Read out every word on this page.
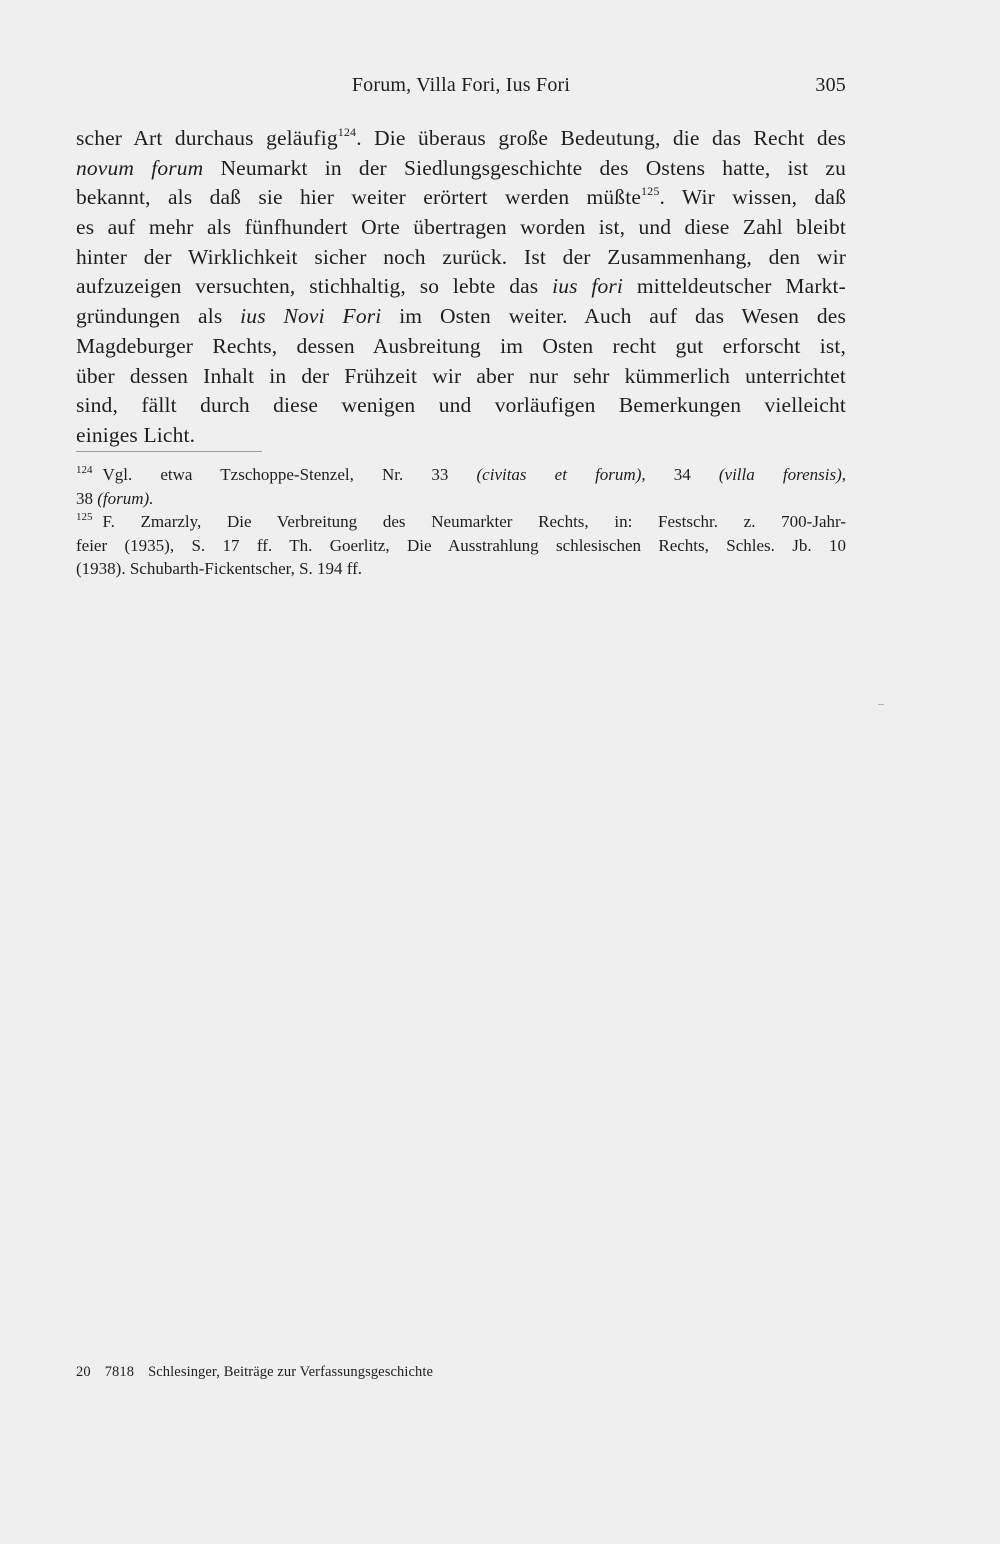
Forum, Villa Fori, Ius Fori	305
scher Art durchaus geläufig$^{124}$. Die überaus große Bedeutung, die das Recht des
novum forum Neumarkt in der Siedlungsgeschichte des Ostens hatte, ist zu
bekannt, als daß sie hier weiter erörtert werden müßte$^{125}$. Wir wissen, daß
es auf mehr als fünfhundert Orte übertragen worden ist, und diese Zahl bleibt
hinter der Wirklichkeit sicher noch zurück. Ist der Zusammenhang, den wir
aufzuzeigen versuchten, stichhaltig, so lebte das ius fori mitteldeutscher Markt-
gründungen als ius Novi Fori im Osten weiter. Auch auf das Wesen des
Magdeburger Rechts, dessen Ausbreitung im Osten recht gut erforscht ist,
über dessen Inhalt in der Frühzeit wir aber nur sehr kümmerlich unterrichtet
sind, fällt durch diese wenigen und vorläufigen Bemerkungen vielleicht
einiges Licht.
$^{124}$ Vgl. etwa Tzschoppe-Stenzel, Nr. 33 (civitas et forum), 34 (villa forensis),
38 (forum).
$^{125}$ F. Zmarzly, Die Verbreitung des Neumarkter Rechts, in: Festschr. z. 700-Jahr-
feier (1935), S. 17 ff. Th. Goerlitz, Die Ausstrahlung schlesischen Rechts, Schles. Jb. 10
(1938). Schubarth-Fickentscher, S. 194 ff.
20 7818 Schlesinger, Beiträge zur Verfassungsgeschichte
